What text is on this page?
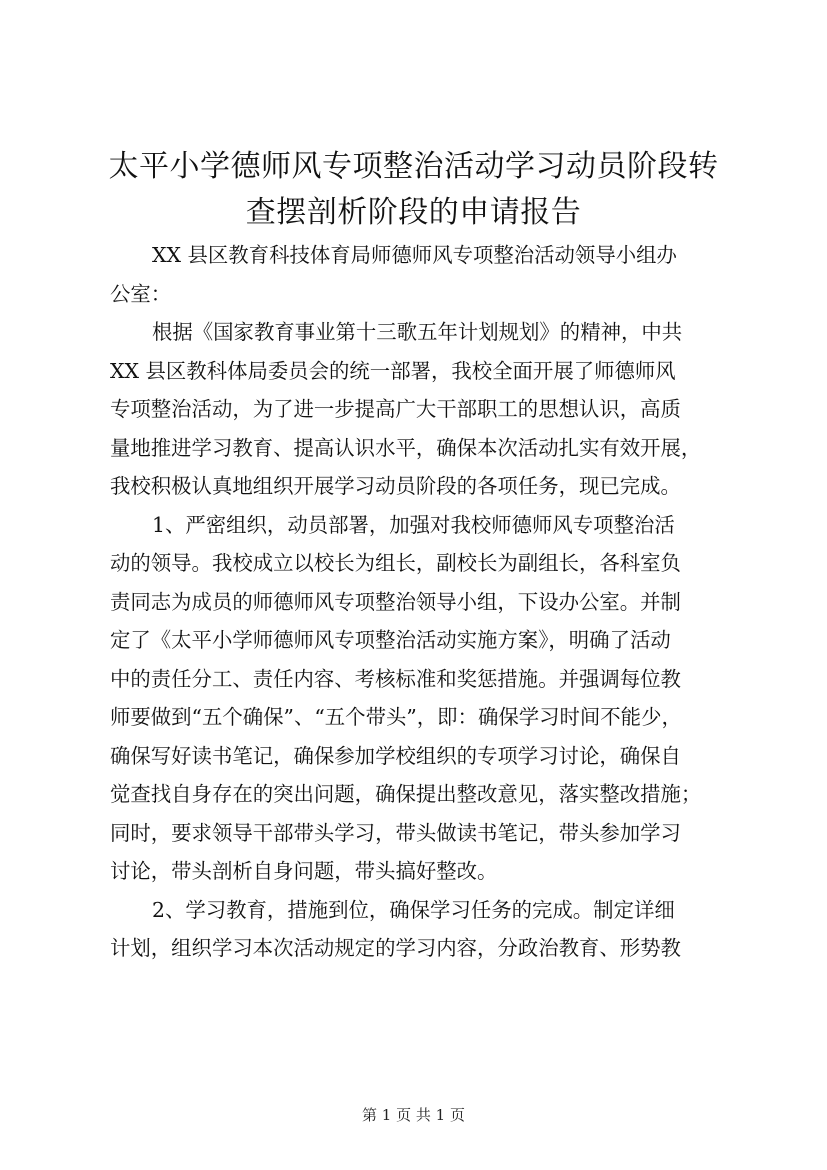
太平小学德师风专项整治活动学习动员阶段转
查摆剖析阶段的申请报告
XX 县区教育科技体育局师德师风专项整治活动领导小组办
公室：
根据《国家教育事业第十三歌五年计划规划》的精神，中共
XX 县区教科体局委员会的统一部署，我校全面开展了师德师风
专项整治活动，为了进一步提高广大干部职工的思想认识，高质
量地推进学习教育、提高认识水平，确保本次活动扎实有效开展，
我校积极认真地组织开展学习动员阶段的各项任务，现已完成。
1、严密组织，动员部署，加强对我校师德师风专项整治活
动的领导。我校成立以校长为组长，副校长为副组长，各科室负
责同志为成员的师德师风专项整治领导小组，下设办公室。并制
定了《太平小学师德师风专项整治活动实施方案》，明确了活动
中的责任分工、责任内容、考核标准和奖惩措施。并强调每位教
师要做到“五个确保”、“五个带头”，即：确保学习时间不能少，
确保写好读书笔记，确保参加学校组织的专项学习讨论，确保自
觉查找自身存在的突出问题，确保提出整改意见，落实整改措施；
同时，要求领导干部带头学习，带头做读书笔记，带头参加学习
讨论，带头剖析自身问题，带头搞好整改。
2、学习教育，措施到位，确保学习任务的完成。制定详细
计划，组织学习本次活动规定的学习内容，分政治教育、形势教
第 1 页 共 1 页
